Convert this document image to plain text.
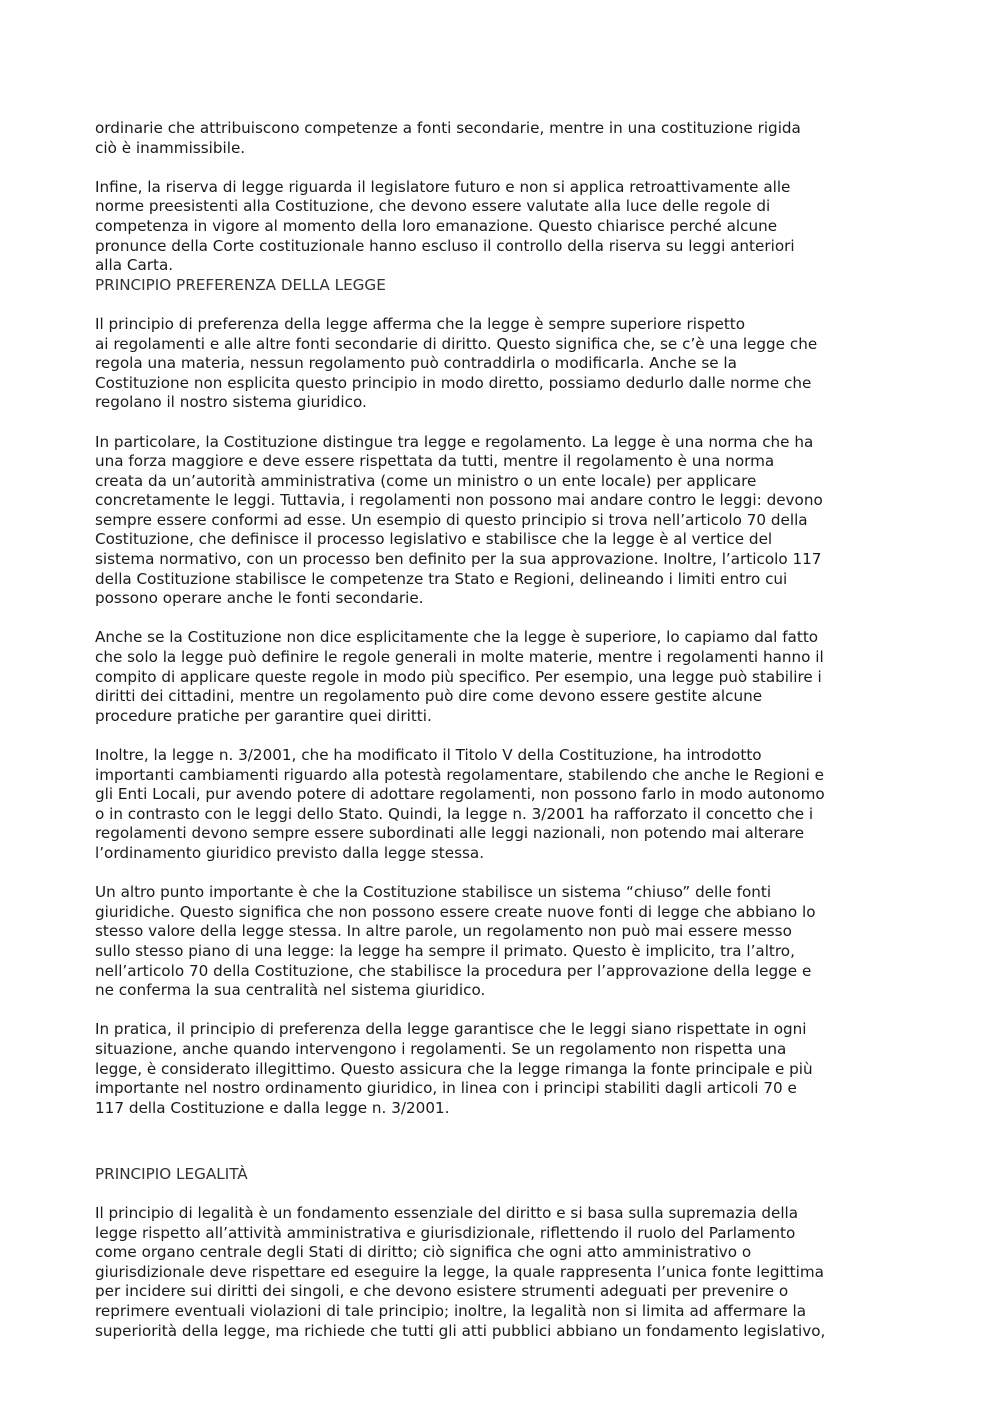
ordinarie che attribuiscono competenze a fonti secondarie, mentre in una costituzione rigida
ciò è inammissibile.

Infine, la riserva di legge riguarda il legislatore futuro e non si applica retroattivamente alle
norme preesistenti alla Costituzione, che devono essere valutate alla luce delle regole di
competenza in vigore al momento della loro emanazione. Questo chiarisce perché alcune
pronunce della Corte costituzionale hanno escluso il controllo della riserva su leggi anteriori
alla Carta.

PRINCIPIO PREFERENZA DELLA LEGGE

Il principio di preferenza della legge afferma che la legge è sempre superiore rispetto
ai regolamenti e alle altre fonti secondarie di diritto. Questo significa che, se c’è una legge che
regola una materia, nessun regolamento può contraddirla o modificarla. Anche se la
Costituzione non esplicita questo principio in modo diretto, possiamo dedurlo dalle norme che
regolano il nostro sistema giuridico.

In particolare, la Costituzione distingue tra legge e regolamento. La legge è una norma che ha
una forza maggiore e deve essere rispettata da tutti, mentre il regolamento è una norma
creata da un’autorità amministrativa (come un ministro o un ente locale) per applicare
concretamente le leggi. Tuttavia, i regolamenti non possono mai andare contro le leggi: devono
sempre essere conformi ad esse. Un esempio di questo principio si trova nell’articolo 70 della
Costituzione, che definisce il processo legislativo e stabilisce che la legge è al vertice del
sistema normativo, con un processo ben definito per la sua approvazione. Inoltre, l’articolo 117
della Costituzione stabilisce le competenze tra Stato e Regioni, delineando i limiti entro cui
possono operare anche le fonti secondarie.

Anche se la Costituzione non dice esplicitamente che la legge è superiore, lo capiamo dal fatto
che solo la legge può definire le regole generali in molte materie, mentre i regolamenti hanno il
compito di applicare queste regole in modo più specifico. Per esempio, una legge può stabilire i
diritti dei cittadini, mentre un regolamento può dire come devono essere gestite alcune
procedure pratiche per garantire quei diritti.

Inoltre, la legge n. 3/2001, che ha modificato il Titolo V della Costituzione, ha introdotto
importanti cambiamenti riguardo alla potestà regolamentare, stabilendo che anche le Regioni e
gli Enti Locali, pur avendo potere di adottare regolamenti, non possono farlo in modo autonomo
o in contrasto con le leggi dello Stato. Quindi, la legge n. 3/2001 ha rafforzato il concetto che i
regolamenti devono sempre essere subordinati alle leggi nazionali, non potendo mai alterare
l’ordinamento giuridico previsto dalla legge stessa.

Un altro punto importante è che la Costituzione stabilisce un sistema “chiuso” delle fonti
giuridiche. Questo significa che non possono essere create nuove fonti di legge che abbiano lo
stesso valore della legge stessa. In altre parole, un regolamento non può mai essere messo
sullo stesso piano di una legge: la legge ha sempre il primato. Questo è implicito, tra l’altro,
nell’articolo 70 della Costituzione, che stabilisce la procedura per l’approvazione della legge e
ne conferma la sua centralità nel sistema giuridico.

In pratica, il principio di preferenza della legge garantisce che le leggi siano rispettate in ogni
situazione, anche quando intervengono i regolamenti. Se un regolamento non rispetta una
legge, è considerato illegittimo. Questo assicura che la legge rimanga la fonte principale e più
importante nel nostro ordinamento giuridico, in linea con i principi stabiliti dagli articoli 70 e
117 della Costituzione e dalla legge n. 3/2001.

PRINCIPIO LEGALITÀ

Il principio di legalità è un fondamento essenziale del diritto e si basa sulla supremazia della
legge rispetto all’attività amministrativa e giurisdizionale, riflettendo il ruolo del Parlamento
come organo centrale degli Stati di diritto; ciò significa che ogni atto amministrativo o
giurisdizionale deve rispettare ed eseguire la legge, la quale rappresenta l’unica fonte legittima
per incidere sui diritti dei singoli, e che devono esistere strumenti adeguati per prevenire o
reprimere eventuali violazioni di tale principio; inoltre, la legalità non si limita ad affermare la
superiorità della legge, ma richiede che tutti gli atti pubblici abbiano un fondamento legislativo,
